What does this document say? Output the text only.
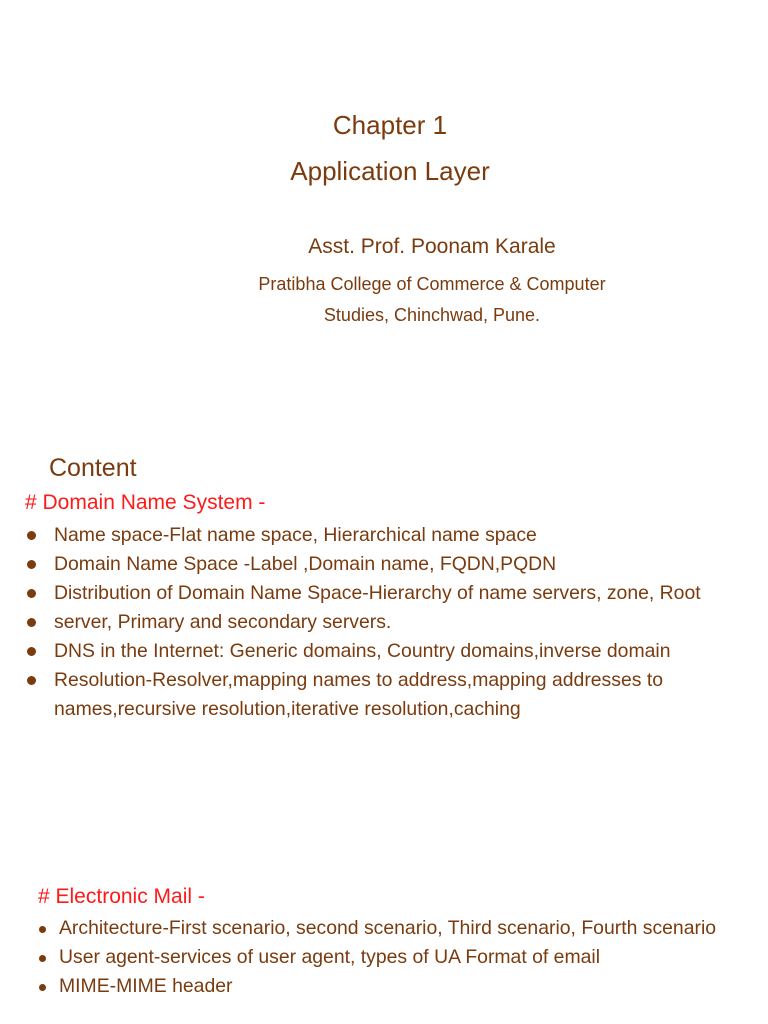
Chapter 1
Application Layer
Asst. Prof. Poonam Karale
Pratibha College of Commerce & Computer
Studies, Chinchwad, Pune.
Content
# Domain Name System -
Name space-Flat name space, Hierarchical name space
Domain Name Space -Label ,Domain name, FQDN,PQDN
Distribution of Domain Name Space-Hierarchy of name servers, zone, Root
server, Primary and secondary servers.
DNS in the Internet: Generic domains, Country domains,inverse domain
Resolution-Resolver,mapping names to address,mapping addresses to names,recursive resolution,iterative resolution,caching
# Electronic Mail -
Architecture-First scenario, second scenario, Third scenario, Fourth scenario
User agent-services of user agent, types of UA Format of email
MIME-MIME header
